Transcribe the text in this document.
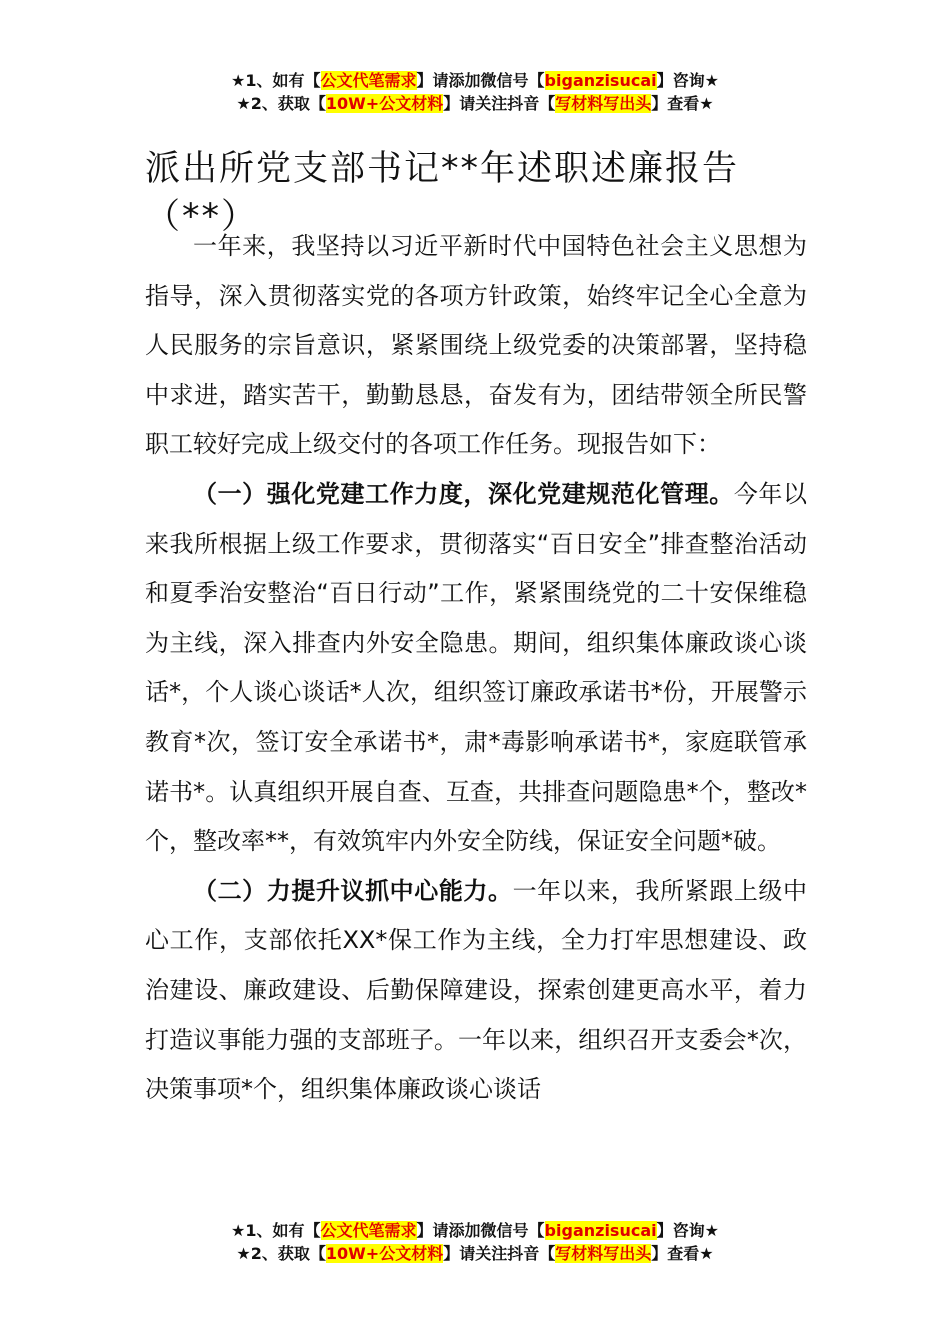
★1、如有【公文代笔需求】请添加微信号【biganzisucai】咨询★
★2、获取【10W+公文材料】请关注抖音【写材料写出头】查看★
派出所党支部书记**年述职述廉报告（**）

一年来，我坚持以习近平新时代中国特色社会主义思想为指导，深入贯彻落实党的各项方针政策，始终牢记全心全意为人民服务的宗旨意识，紧紧围绕上级党委的决策部署，坚持稳中求进，踏实苦干，勤勤恳恳，奋发有为，团结带领全所民警职工较好完成上级交付的各项工作任务。现报告如下：

（一）强化党建工作力度，深化党建规范化管理。今年以来我所根据上级工作要求，贯彻落实“百日安全”排查整治活动和夏季治安整治“百日行动”工作，紧紧围绕党的二十安保维稳为主线，深入排查内外安全隐患。期间，组织集体廉政谈心谈话*，个人谈心谈话*人次，组织签订廉政承诺书*份，开展警示教育*次，签订安全承诺书*，肃*毒影响承诺书*，家庭联管承诺书*。认真组织开展自查、互查，共排查问题隐患*个，整改*个，整改率**，有效筑牢内外安全防线，保证安全问题*破。

（二）力提升议抓中心能力。一年以来，我所紧跟上级中心工作，支部依托XX*保工作为主线，全力打牢思想建设、政治建设、廉政建设、后勤保障建设，探索创建更高水平，着力打造议事能力强的支部班子。一年以来，组织召开支委会*次，决策事项*个，组织集体廉政谈心谈话

★1、如有【公文代笔需求】请添加微信号【biganzisucai】咨询★
★2、获取【10W+公文材料】请关注抖音【写材料写出头】查看★
